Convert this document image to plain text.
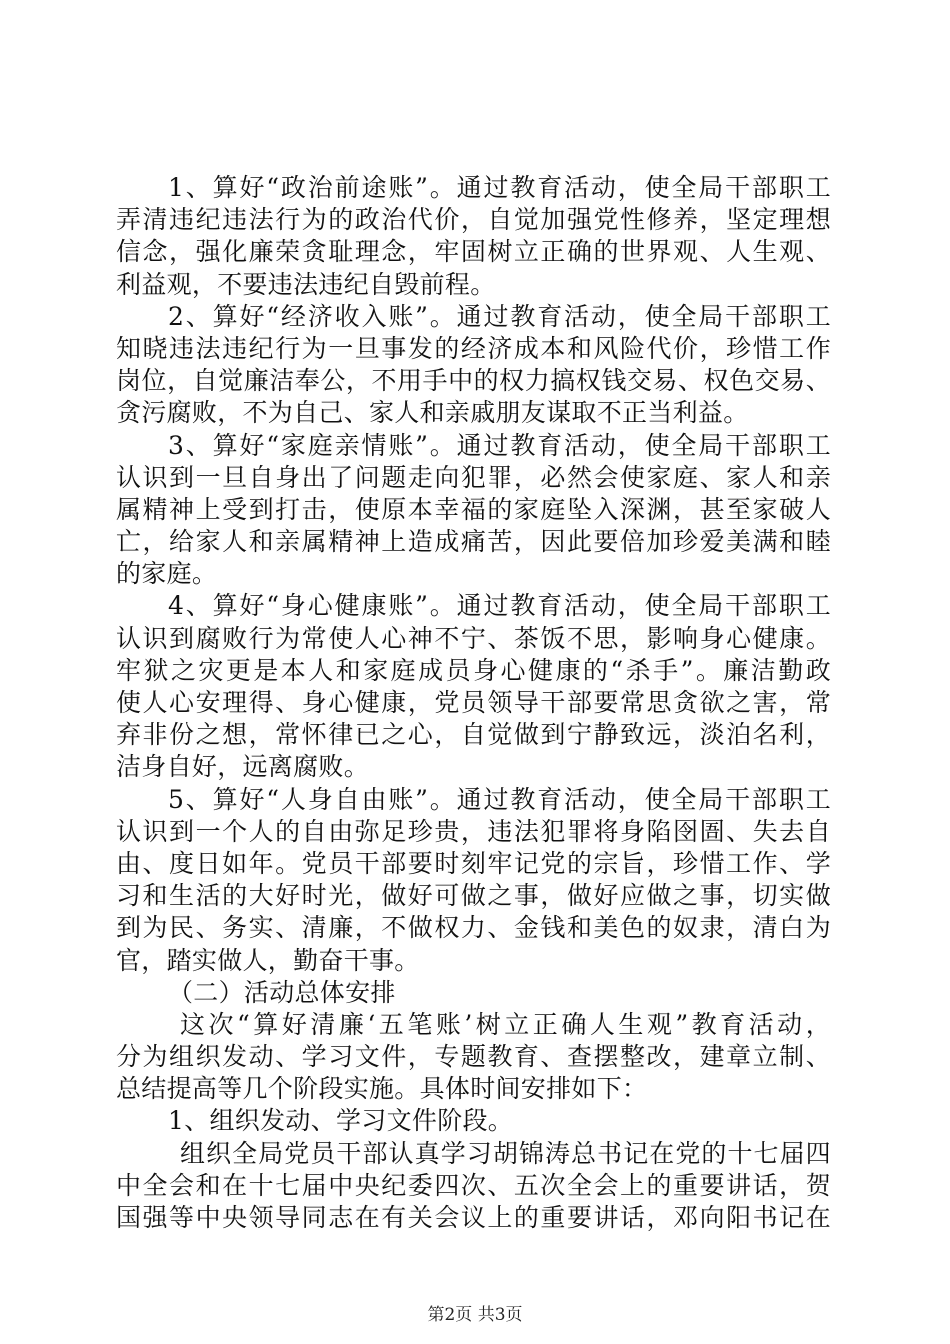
1、算好“政治前途账”。通过教育活动，使全局干部职工
弄清违纪违法行为的政治代价，自觉加强党性修养，坚定理想
信念，强化廉荣贪耻理念，牢固树立正确的世界观、人生观、
利益观，不要违法违纪自毁前程。
2、算好“经济收入账”。通过教育活动，使全局干部职工
知晓违法违纪行为一旦事发的经济成本和风险代价，珍惜工作
岗位，自觉廉洁奉公，不用手中的权力搞权钱交易、权色交易、
贪污腐败，不为自己、家人和亲戚朋友谋取不正当利益。
3、算好“家庭亲情账”。通过教育活动，使全局干部职工
认识到一旦自身出了问题走向犯罪，必然会使家庭、家人和亲
属精神上受到打击，使原本幸福的家庭坠入深渊，甚至家破人
亡，给家人和亲属精神上造成痛苦，因此要倍加珍爱美满和睦
的家庭。
4、算好“身心健康账”。通过教育活动，使全局干部职工
认识到腐败行为常使人心神不宁、茶饭不思，影响身心健康。
牢狱之灾更是本人和家庭成员身心健康的“杀手”。廉洁勤政
使人心安理得、身心健康，党员领导干部要常思贪欲之害，常
弃非份之想，常怀律已之心，自觉做到宁静致远，淡泊名利，
洁身自好，远离腐败。
5、算好“人身自由账”。通过教育活动，使全局干部职工
认识到一个人的自由弥足珍贵，违法犯罪将身陷囹圄、失去自
由、度日如年。党员干部要时刻牢记党的宗旨，珍惜工作、学
习和生活的大好时光，做好可做之事，做好应做之事，切实做
到为民、务实、清廉，不做权力、金钱和美色的奴隶，清白为
官，踏实做人，勤奋干事。
（二）活动总体安排
这次“算好清廉‘五笔账’树立正确人生观”教育活动，
分为组织发动、学习文件，专题教育、查摆整改，建章立制、
总结提高等几个阶段实施。具体时间安排如下：
1、组织发动、学习文件阶段。
组织全局党员干部认真学习胡锦涛总书记在党的十七届四
中全会和在十七届中央纪委四次、五次全会上的重要讲话，贺
国强等中央领导同志在有关会议上的重要讲话，邓向阳书记在
第2页 共3页
